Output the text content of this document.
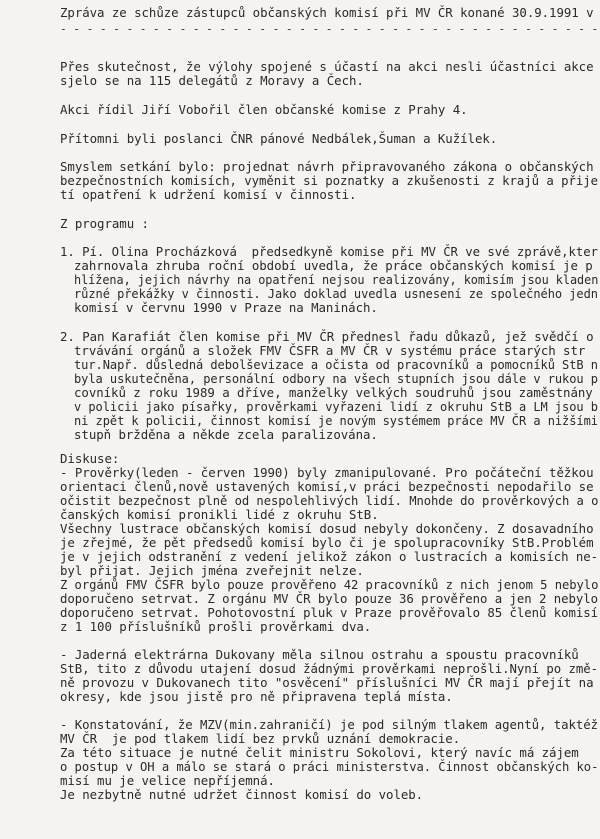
Zpráva ze schůze zástupců občanských komisí při MV ČR konané 30.9.1991 v
- - - - - - - - - - - - - - - - - - - - - - - - - - - - - - - - - - - - - - - - -
Přes skutečnost, že výlohy spojené s účastí na akci nesli účastníci akce
sjelo se na 115 delegátů z Moravy a Čech.
Akci řídil Jiří Vobořil člen občanské komise z Prahy 4.
Přítomni byli poslanci ČNR pánové Nedbálek,Šuman a Kužílek.
Smyslem setkání bylo: projednat návrh připravovaného zákona o občanských
bezpečnostních komisích, vyměnit si poznatky a zkušenosti z krajů a přije
tí opatření k udržení komisí v činnosti.
Z programu :
1. Pí. Olina Procházková  předsedkyně komise při MV ČR ve své zprávě,kter
zahrnovala zhruba roční období uvedla, že práce občanských komisí je p
hlížena, jejich návrhy na opatření nejsou realizovány, komisím jsou kladen
různé překážky v činnosti. Jako doklad uvedla usnesení ze společného jedn
komisí v červnu 1990 v Praze na Maninách.
2. Pan Karafiát člen komise při MV ČR přednesl řadu důkazů, jež svědčí o
trvávání orgánů a složek FMV ČSFR a MV ČR v systému práce starých str
tur.Např. důsledná debolševizace a očista od pracovníků a pomocníků StB n
byla uskutečněna, personální odbory na všech stupních jsou dále v rukou p
covníků z roku 1989 a dříve, manželky velkých soudruhů jsou zaměstnány
v policii jako písařky, prověrkami vyřazeni lidí z okruhu StB a LM jsou b
ni zpět k policii, činnost komisí je novým systémem práce MV ČR a nižšími
stupň bržděna a někde zcela paralizována.
Diskuse:
- Prověrky(leden - červen 1990) byly zmanipulované. Pro počáteční těžkou
orientaci členů,nově ustavených komisí,v práci bezpečnosti nepodařilo se
očistit bezpečnost plně od nespolehlivých lidí. Mnohde do prověrkových a o
čanských komisí pronikli lidé z okruhu StB.
Všechny lustrace občanských komisí dosud nebyly dokončeny. Z dosavadního
je zřejmé, že pět předsedů komisí bylo či je spolupracovníky StB.Problém
je v jejich odstranění z vedení jelikož zákon o lustracích a komisích ne-
byl přijat. Jejich jména zveřejnit nelze.
Z orgánů FMV ČSFR bylo pouze prověřeno 42 pracovníků z nich jenom 5 nebylo
doporučeno setrvat. Z orgánu MV ČR bylo pouze 36 prověřeno a jen 2 nebylo
doporučeno setrvat. Pohotovostní pluk v Praze prověřovalo 85 členů komisí
z 1 100 příslušníků prošli prověrkami dva.
- Jaderná elektrárna Dukovany měla silnou ostrahu a spoustu pracovníků
StB, tito z důvodu utajení dosud žádnými prověrkami neprošli.Nyní po změ-
ně provozu v Dukovanech tito "osvěcení" příslušníci MV ČR mají přejít na
okresy, kde jsou jistě pro ně připravena teplá místa.
- Konstatování, že MZV(min.zahraničí) je pod silným tlakem agentů, taktéž
MV ČR  je pod tlakem lidí bez prvků uznání demokracie.
Za této situace je nutné čelit ministru Sokolovi, který navíc má zájem
o postup v OH a málo se stará o práci ministerstva. Činnost občanských ko-
misí mu je velice nepříjemná.
Je nezbytně nutné udržet činnost komisí do voleb.
